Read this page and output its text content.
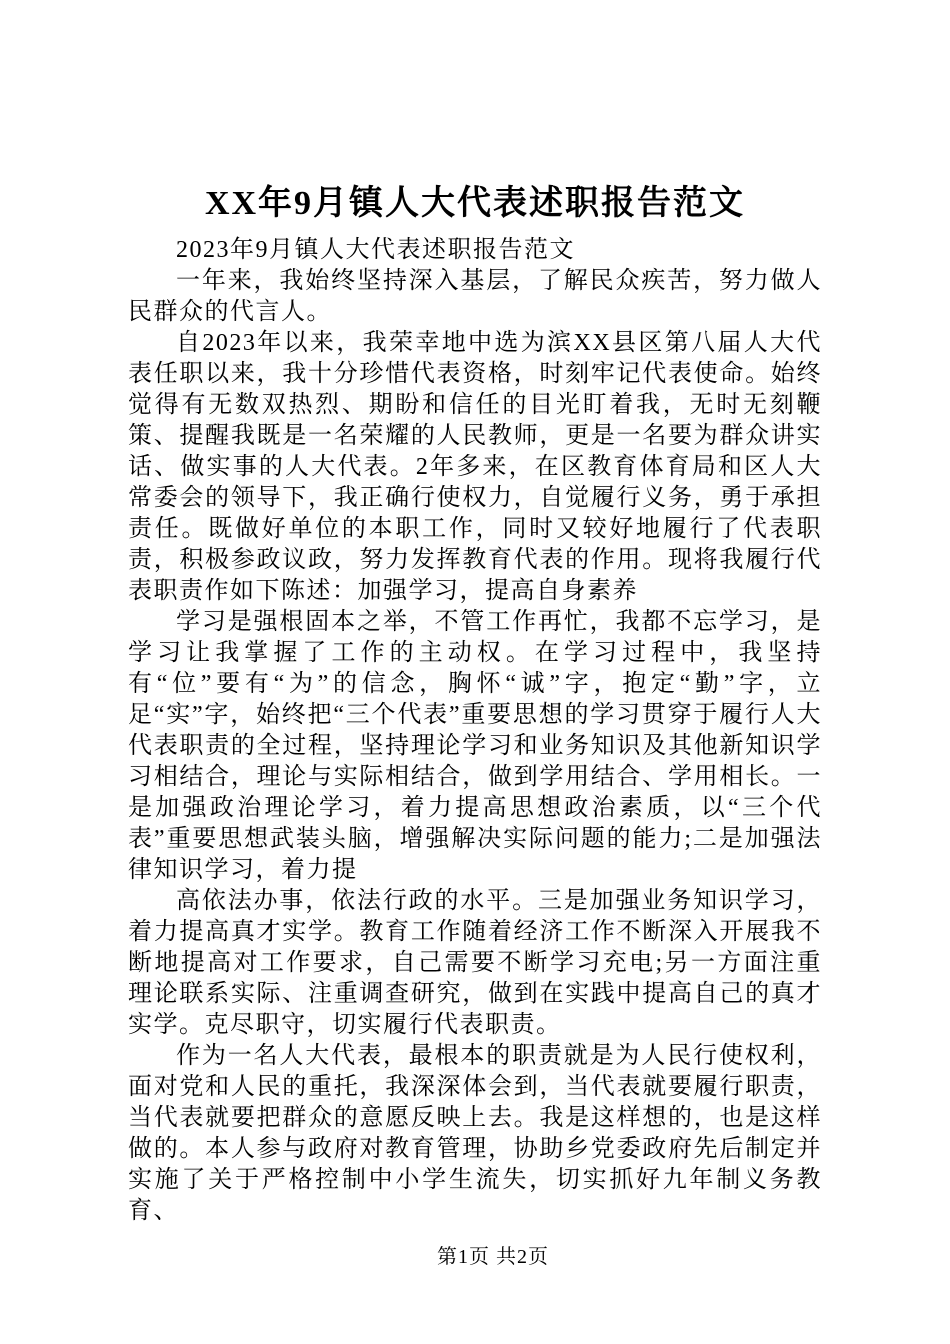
XX年9月镇人大代表述职报告范文

2023年9月镇人大代表述职报告范文

一年来，我始终坚持深入基层，了解民众疾苦，努力做人民群众的代言人。

自2023年以来，我荣幸地中选为滨XX县区第八届人大代表任职以来，我十分珍惜代表资格，时刻牢记代表使命。始终觉得有无数双热烈、期盼和信任的目光盯着我，无时无刻鞭策、提醒我既是一名荣耀的人民教师，更是一名要为群众讲实话、做实事的人大代表。2年多来，在区教育体育局和区人大常委会的领导下，我正确行使权力，自觉履行义务，勇于承担责任。既做好单位的本职工作，同时又较好地履行了代表职责，积极参政议政，努力发挥教育代表的作用。现将我履行代表职责作如下陈述：加强学习，提高自身素养

学习是强根固本之举，不管工作再忙，我都不忘学习，是学习让我掌握了工作的主动权。在学习过程中，我坚持有“位”要有“为”的信念，胸怀“诚”字，抱定“勤”字，立足“实”字，始终把“三个代表”重要思想的学习贯穿于履行人大代表职责的全过程，坚持理论学习和业务知识及其他新知识学习相结合，理论与实际相结合，做到学用结合、学用相长。一是加强政治理论学习，着力提高思想政治素质，以“三个代表”重要思想武装头脑，增强解决实际问题的能力;二是加强法律知识学习，着力提

高依法办事，依法行政的水平。三是加强业务知识学习，着力提高真才实学。教育工作随着经济工作不断深入开展我不断地提高对工作要求，自己需要不断学习充电;另一方面注重理论联系实际、注重调查研究，做到在实践中提高自己的真才实学。克尽职守，切实履行代表职责。

作为一名人大代表，最根本的职责就是为人民行使权利，面对党和人民的重托，我深深体会到，当代表就要履行职责，当代表就要把群众的意愿反映上去。我是这样想的，也是这样做的。本人参与政府对教育管理，协助乡党委政府先后制定并实施了关于严格控制中小学生流失，切实抓好九年制义务教育、

第1页 共2页
